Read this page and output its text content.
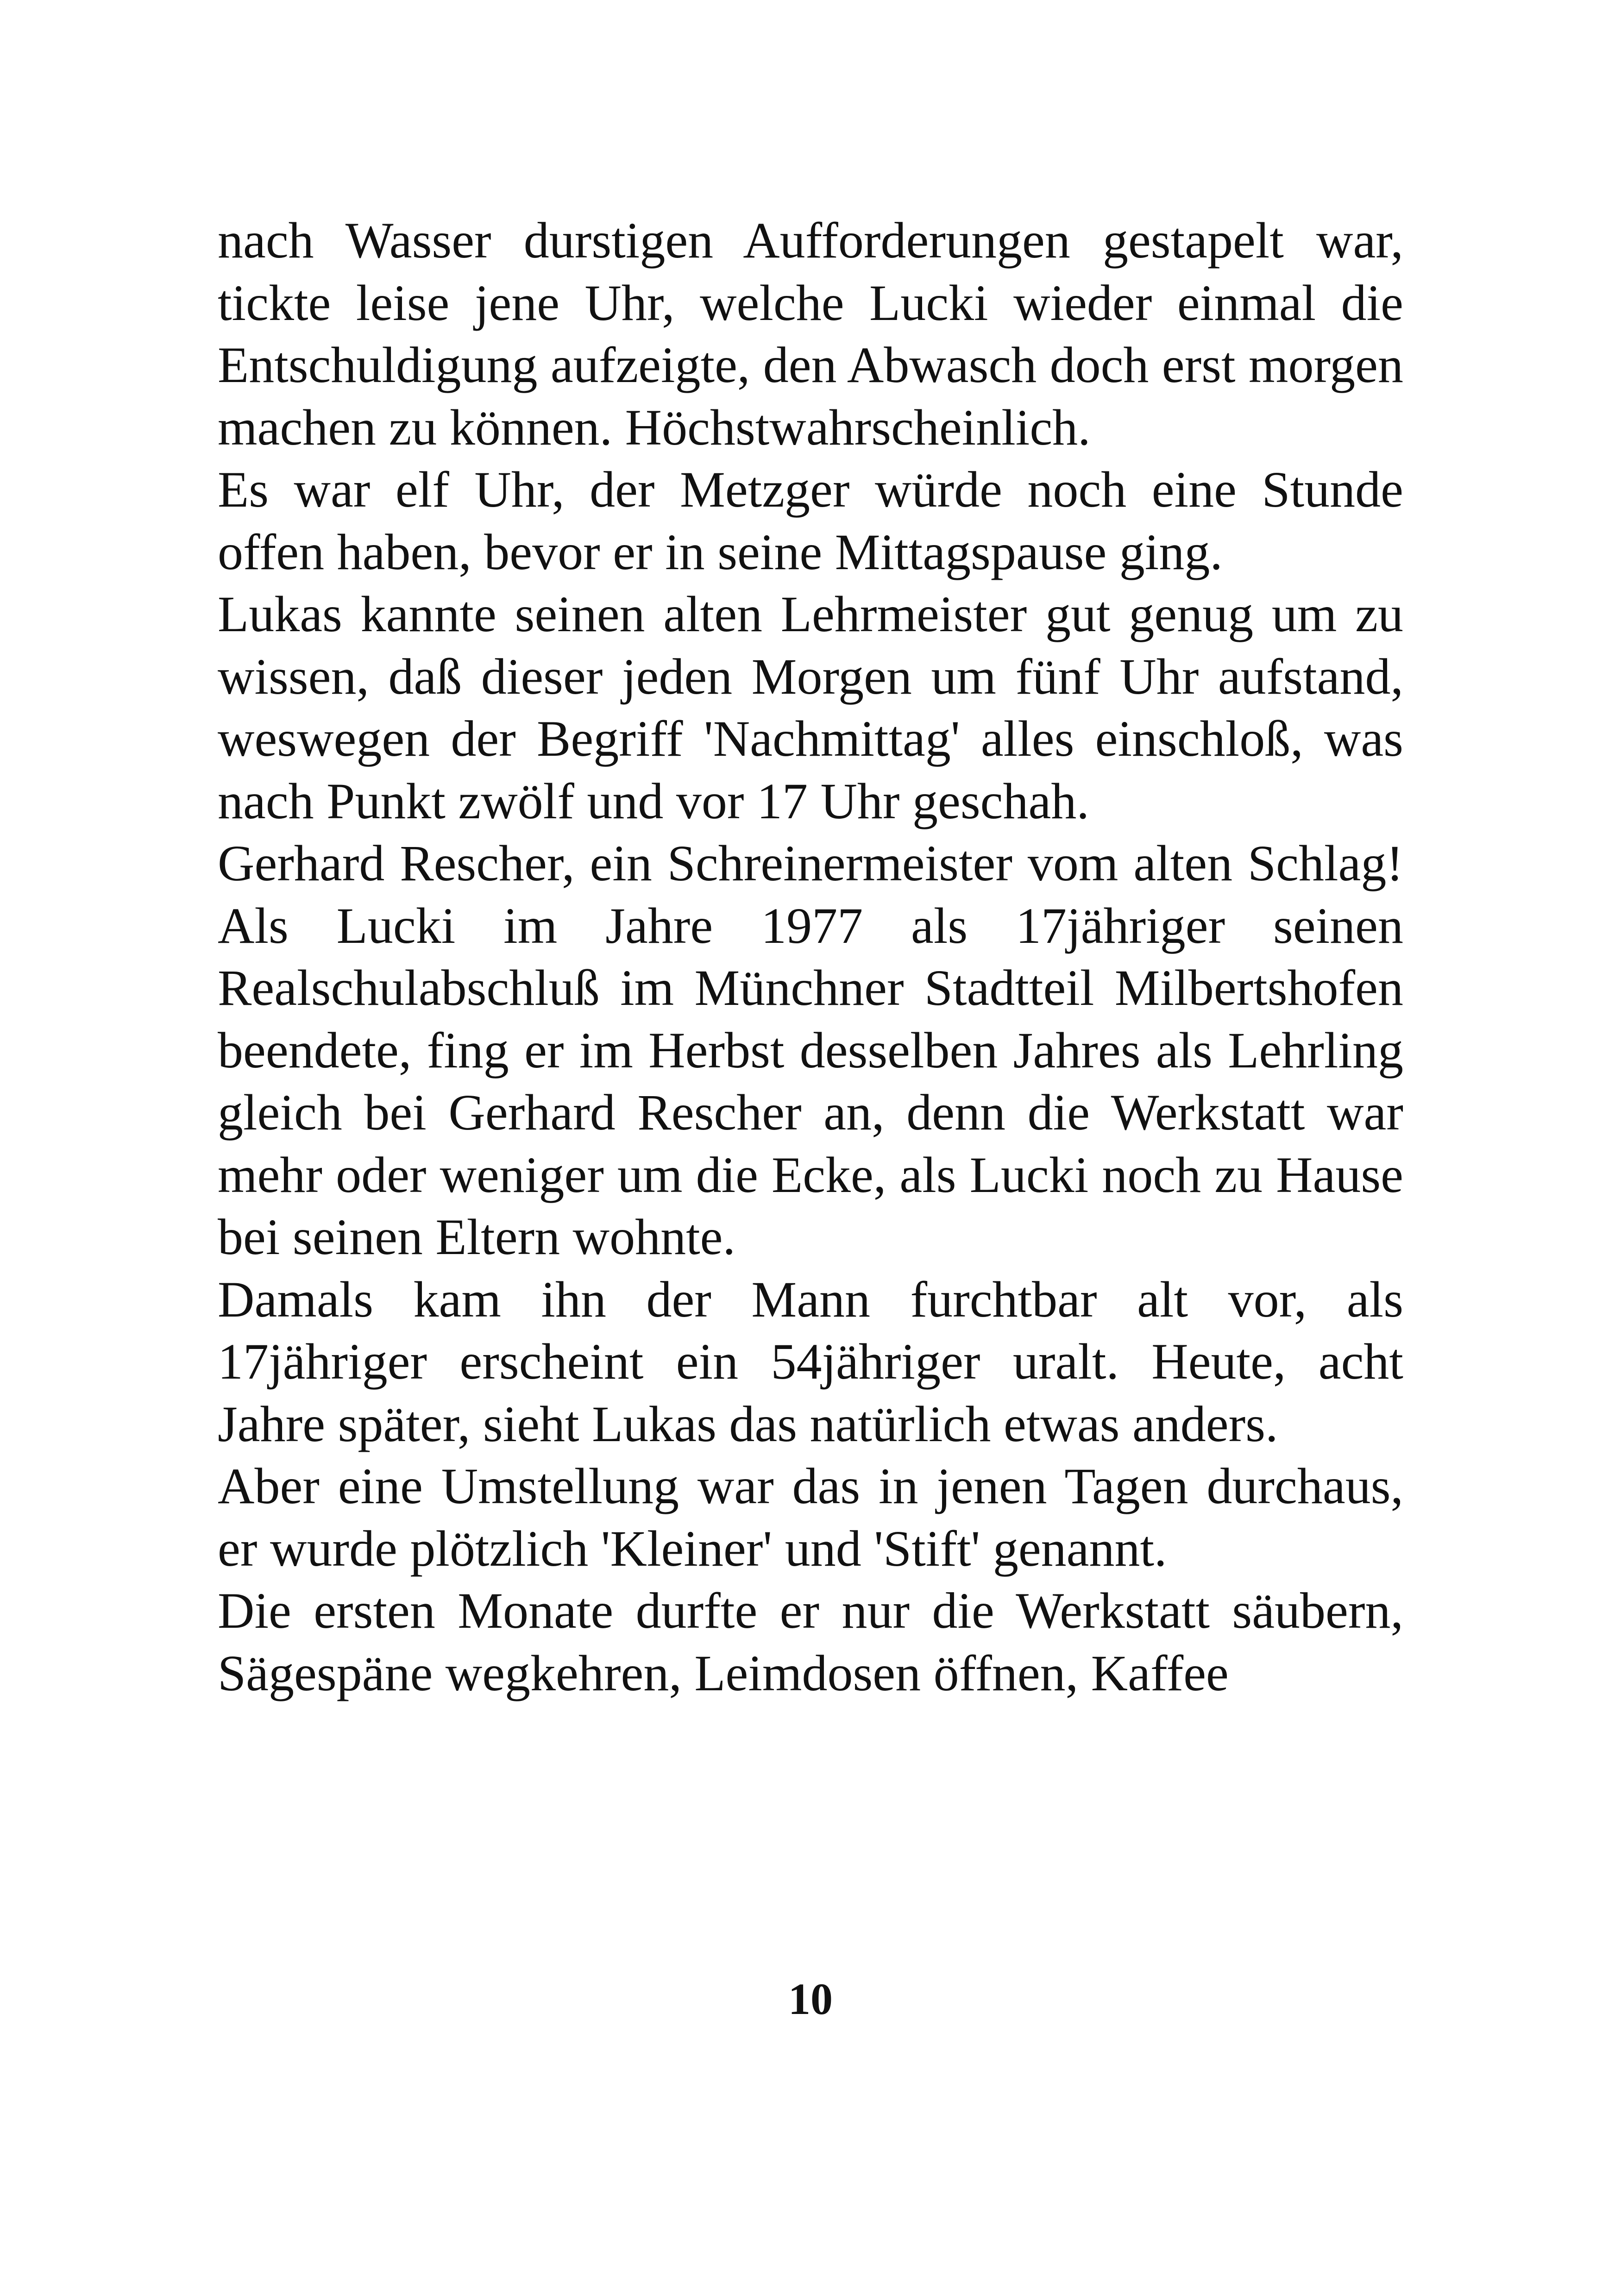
nach Wasser durstigen Aufforderungen gestapelt war, tickte leise jene Uhr, welche Lucki wieder einmal die Entschuldigung aufzeigte, den Abwasch doch erst morgen machen zu können. Höchstwahrscheinlich.

Es war elf Uhr, der Metzger würde noch eine Stunde offen haben, bevor er in seine Mittagspause ging.

Lukas kannte seinen alten Lehrmeister gut genug um zu wissen, daß dieser jeden Morgen um fünf Uhr aufstand, weswegen der Begriff 'Nachmittag' alles einschloß, was nach Punkt zwölf und vor 17 Uhr geschah.

Gerhard Rescher, ein Schreinermeister vom alten Schlag! Als Lucki im Jahre 1977 als 17jähriger seinen Realschulabschluß im Münchner Stadtteil Milbertshofen beendete, fing er im Herbst desselben Jahres als Lehrling gleich bei Gerhard Rescher an, denn die Werkstatt war mehr oder weniger um die Ecke, als Lucki noch zu Hause bei seinen Eltern wohnte.

Damals kam ihn der Mann furchtbar alt vor, als 17jähriger erscheint ein 54jähriger uralt. Heute, acht Jahre später, sieht Lukas das natürlich etwas anders.

Aber eine Umstellung war das in jenen Tagen durchaus, er wurde plötzlich 'Kleiner' und 'Stift' genannt.

Die ersten Monate durfte er nur die Werkstatt säubern, Sägespäne wegkehren, Leimdosen öffnen, Kaffee

10
